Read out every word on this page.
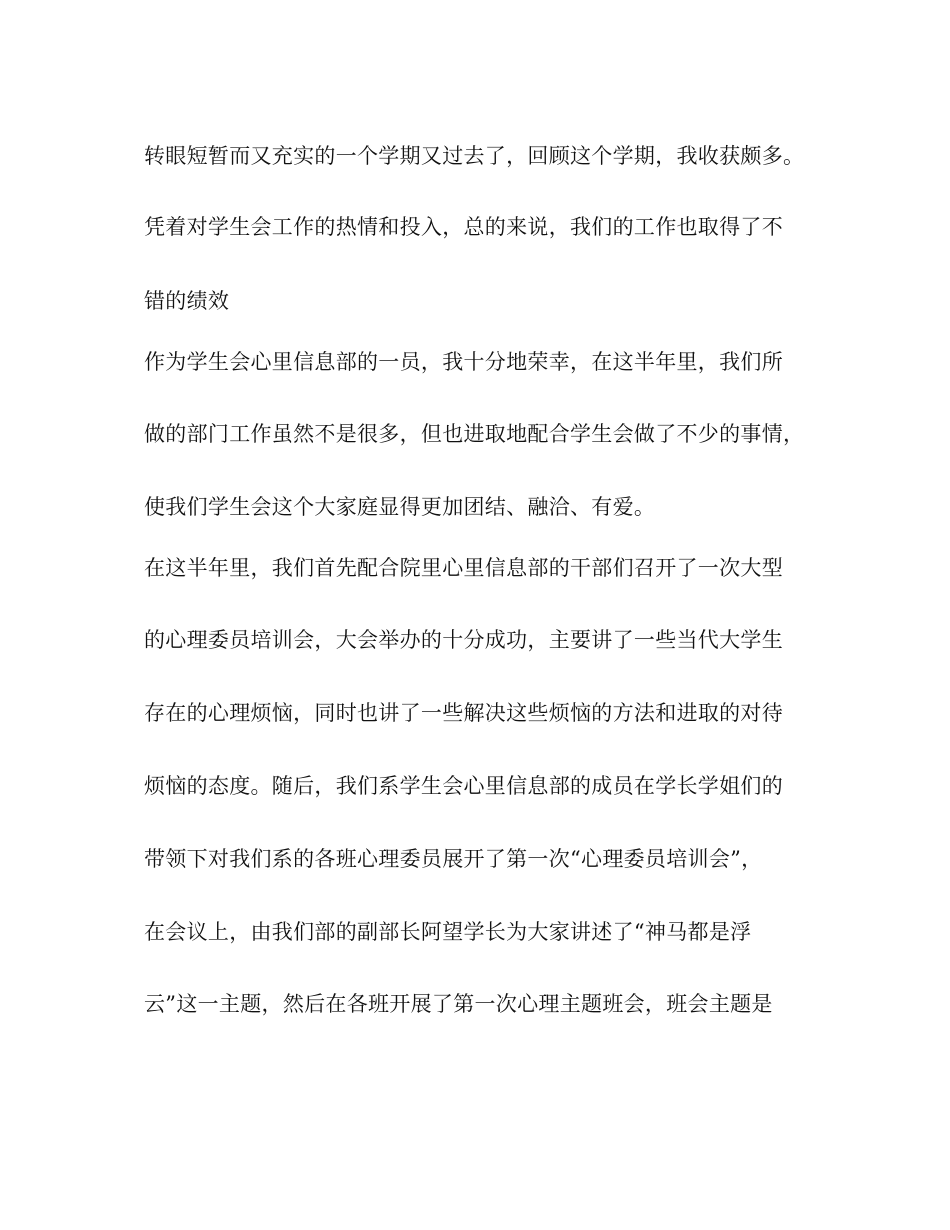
转眼短暂而又充实的一个学期又过去了，回顾这个学期，我收获颇多。
凭着对学生会工作的热情和投入，总的来说，我们的工作也取得了不
错的绩效
作为学生会心里信息部的一员，我十分地荣幸，在这半年里，我们所
做的部门工作虽然不是很多，但也进取地配合学生会做了不少的事情，
使我们学生会这个大家庭显得更加团结、融洽、有爱。
在这半年里，我们首先配合院里心里信息部的干部们召开了一次大型
的心理委员培训会，大会举办的十分成功，主要讲了一些当代大学生
存在的心理烦恼，同时也讲了一些解决这些烦恼的方法和进取的对待
烦恼的态度。随后，我们系学生会心里信息部的成员在学长学姐们的
带领下对我们系的各班心理委员展开了第一次“心理委员培训会”，
在会议上，由我们部的副部长阿望学长为大家讲述了“神马都是浮
云”这一主题，然后在各班开展了第一次心理主题班会，班会主题是
